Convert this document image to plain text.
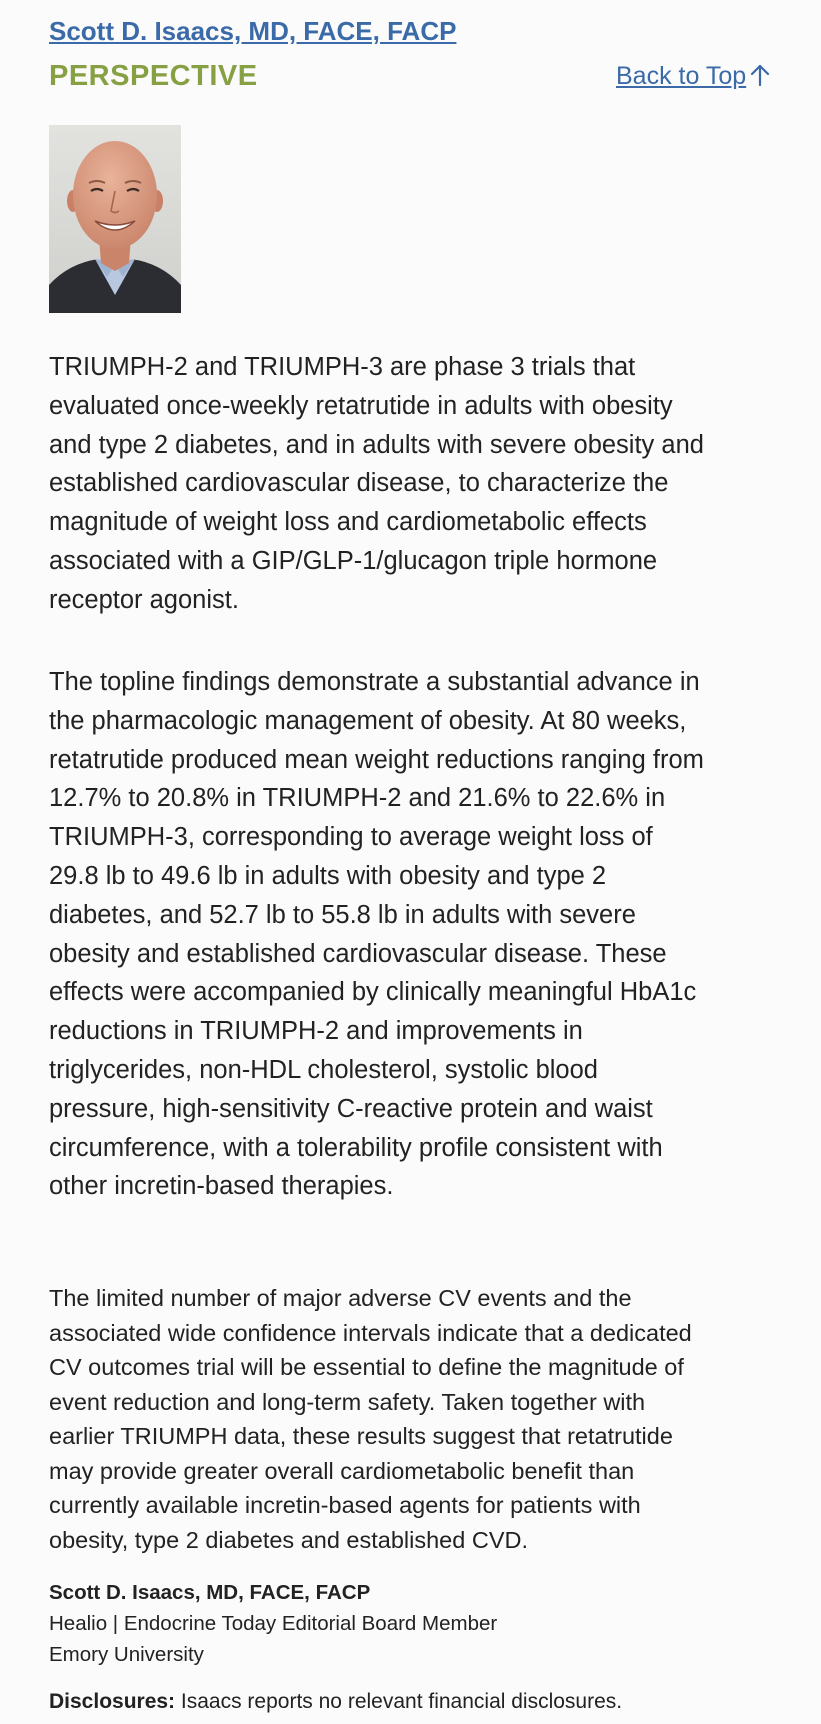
Scott D. Isaacs, MD, FACE, FACP
PERSPECTIVE	Back to Top

TRIUMPH-2 and TRIUMPH-3 are phase 3 trials that evaluated once-weekly retatrutide in adults with obesity and type 2 diabetes, and in adults with severe obesity and established cardiovascular disease, to characterize the magnitude of weight loss and cardiometabolic effects associated with a GIP/GLP-1/glucagon triple hormone receptor agonist.

The topline findings demonstrate a substantial advance in the pharmacologic management of obesity. At 80 weeks, retatrutide produced mean weight reductions ranging from 12.7% to 20.8% in TRIUMPH-2 and 21.6% to 22.6% in TRIUMPH-3, corresponding to average weight loss of 29.8 lb to 49.6 lb in adults with obesity and type 2 diabetes, and 52.7 lb to 55.8 lb in adults with severe obesity and established cardiovascular disease. These effects were accompanied by clinically meaningful HbA1c reductions in TRIUMPH-2 and improvements in triglycerides, non-HDL cholesterol, systolic blood pressure, high-sensitivity C-reactive protein and waist circumference, with a tolerability profile consistent with other incretin-based therapies.

The limited number of major adverse CV events and the associated wide confidence intervals indicate that a dedicated CV outcomes trial will be essential to define the magnitude of event reduction and long-term safety. Taken together with earlier TRIUMPH data, these results suggest that retatrutide may provide greater overall cardiometabolic benefit than currently available incretin-based agents for patients with obesity, type 2 diabetes and established CVD.

Scott D. Isaacs, MD, FACE, FACP
Healio | Endocrine Today Editorial Board Member
Emory University
Disclosures: Isaacs reports no relevant financial disclosures.
